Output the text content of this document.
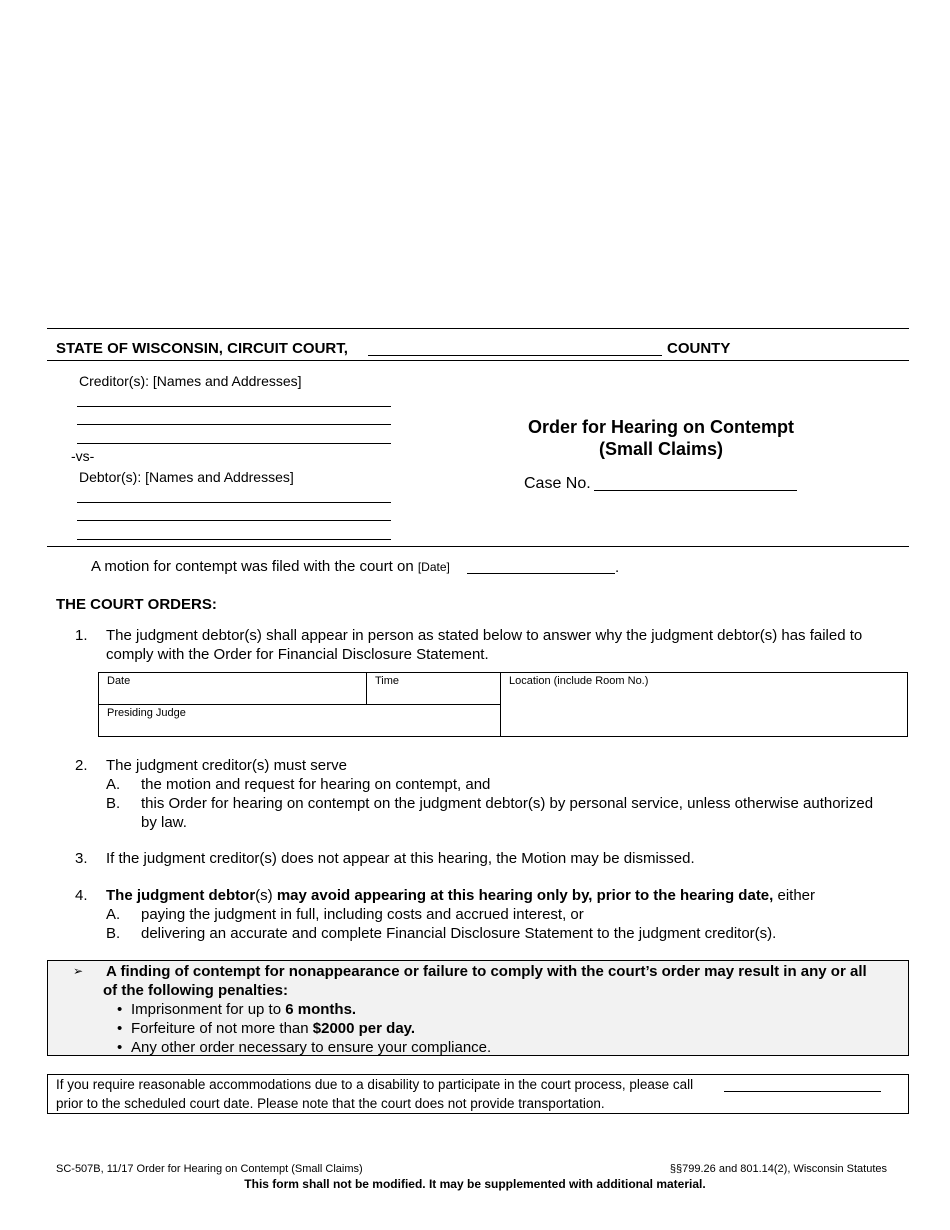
STATE OF WISCONSIN, CIRCUIT COURT,	COUNTY
Creditor(s): [Names and Addresses]
-vs-
Debtor(s): [Names and Addresses]
Order for Hearing on Contempt
(Small Claims)
Case No.
A motion for contempt was filed with the court on [Date]	.
THE COURT ORDERS:
1. The judgment debtor(s) shall appear in person as stated below to answer why the judgment debtor(s) has failed to
comply with the Order for Financial Disclosure Statement.
Date	Time	Location (include Room No.)
Presiding Judge
2. The judgment creditor(s) must serve
A. the motion and request for hearing on contempt, and
B. this Order for hearing on contempt on the judgment debtor(s) by personal service, unless otherwise authorized
by law.
3. If the judgment creditor(s) does not appear at this hearing, the Motion may be dismissed.
4. The judgment debtor(s) may avoid appearing at this hearing only by, prior to the hearing date, either
A. paying the judgment in full, including costs and accrued interest, or
B. delivering an accurate and complete Financial Disclosure Statement to the judgment creditor(s).
➢ A finding of contempt for nonappearance or failure to comply with the court’s order may result in any or all
of the following penalties:
• Imprisonment for up to 6 months.
• Forfeiture of not more than $2000 per day.
• Any other order necessary to ensure your compliance.
If you require reasonable accommodations due to a disability to participate in the court process, please call
prior to the scheduled court date. Please note that the court does not provide transportation.
SC-507B, 11/17 Order for Hearing on Contempt (Small Claims)	§§799.26 and 801.14(2), Wisconsin Statutes
This form shall not be modified. It may be supplemented with additional material.
